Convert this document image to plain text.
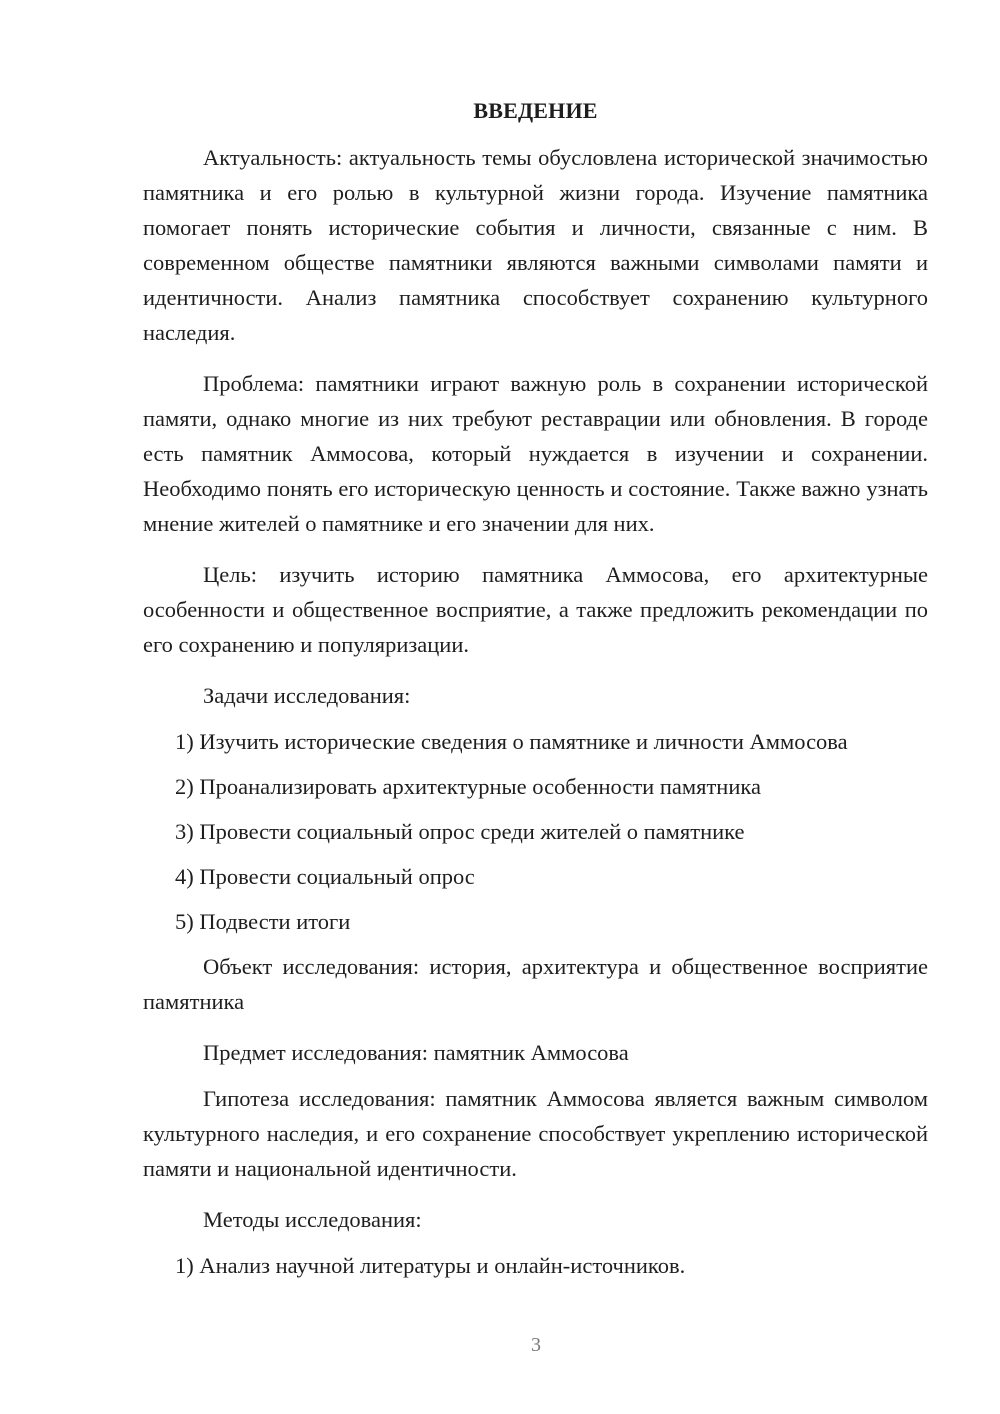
ВВЕДЕНИЕ

Актуальность: актуальность темы обусловлена исторической значимостью памятника и его ролью в культурной жизни города. Изучение памятника помогает понять исторические события и личности, связанные с ним. В современном обществе памятники являются важными символами памяти и идентичности. Анализ памятника способствует сохранению культурного наследия.

Проблема: памятники играют важную роль в сохранении исторической памяти, однако многие из них требуют реставрации или обновления. В городе есть памятник Аммосова, который нуждается в изучении и сохранении. Необходимо понять его историческую ценность и состояние. Также важно узнать мнение жителей о памятнике и его значении для них.

Цель: изучить историю памятника Аммосова, его архитектурные особенности и общественное восприятие, а также предложить рекомендации по его сохранению и популяризации.

Задачи исследования:

1) Изучить исторические сведения о памятнике и личности Аммосова

2) Проанализировать архитектурные особенности памятника

3) Провести социальный опрос среди жителей о памятнике

4) Провести социальный опрос

5) Подвести итоги

Объект исследования: история, архитектура и общественное восприятие памятника

Предмет исследования: памятник Аммосова

Гипотеза исследования: памятник Аммосова является важным символом культурного наследия, и его сохранение способствует укреплению исторической памяти и национальной идентичности.

Методы исследования:

1) Анализ научной литературы и онлайн-источников.

3
